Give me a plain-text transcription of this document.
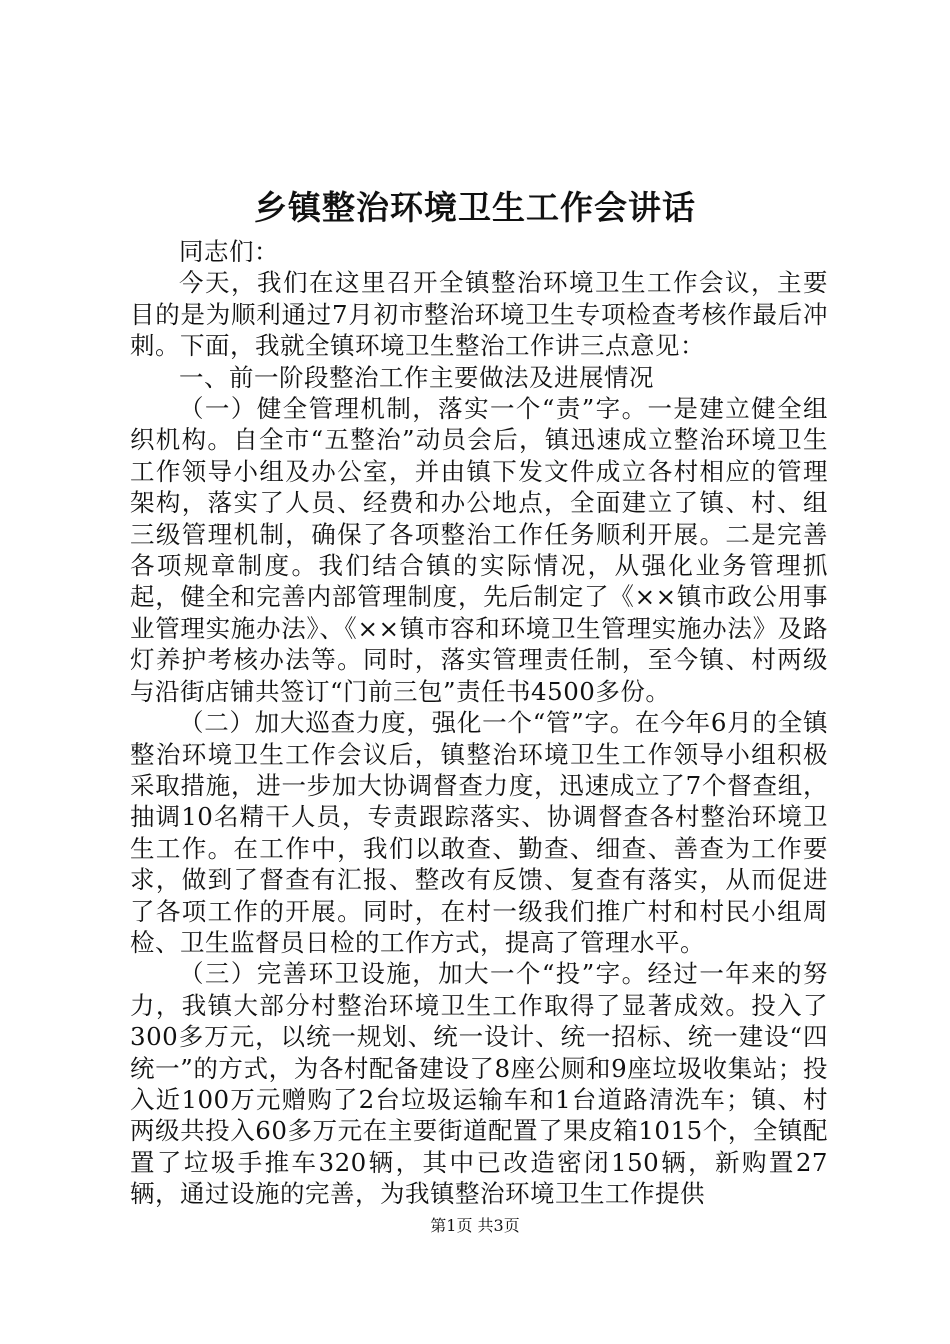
乡镇整治环境卫生工作会讲话

同志们：

今天，我们在这里召开全镇整治环境卫生工作会议，主要目的是为顺利通过7月初市整治环境卫生专项检查考核作最后冲刺。下面，我就全镇环境卫生整治工作讲三点意见：

一、前一阶段整治工作主要做法及进展情况

（一）健全管理机制，落实一个“责”字。一是建立健全组织机构。自全市“五整治”动员会后，镇迅速成立整治环境卫生工作领导小组及办公室，并由镇下发文件成立各村相应的管理架构，落实了人员、经费和办公地点，全面建立了镇、村、组三级管理机制，确保了各项整治工作任务顺利开展。二是完善各项规章制度。我们结合镇的实际情况，从强化业务管理抓起，健全和完善内部管理制度，先后制定了《××镇市政公用事业管理实施办法》、《××镇市容和环境卫生管理实施办法》及路灯养护考核办法等。同时，落实管理责任制，至今镇、村两级与沿街店铺共签订“门前三包”责任书4500多份。

（二）加大巡查力度，强化一个“管”字。在今年6月的全镇整治环境卫生工作会议后，镇整治环境卫生工作领导小组积极采取措施，进一步加大协调督查力度，迅速成立了7个督查组，抽调10名精干人员，专责跟踪落实、协调督查各村整治环境卫生工作。在工作中，我们以敢查、勤查、细查、善查为工作要求，做到了督查有汇报、整改有反馈、复查有落实，从而促进了各项工作的开展。同时，在村一级我们推广村和村民小组周检、卫生监督员日检的工作方式，提高了管理水平。

（三）完善环卫设施，加大一个“投”字。经过一年来的努力，我镇大部分村整治环境卫生工作取得了显著成效。投入了300多万元，以统一规划、统一设计、统一招标、统一建设“四统一”的方式，为各村配备建设了8座公厕和9座垃圾收集站；投入近100万元赠购了2台垃圾运输车和1台道路清洗车；镇、村两级共投入60多万元在主要街道配置了果皮箱1015个，全镇配置了垃圾手推车320辆，其中已改造密闭150辆，新购置27辆，通过设施的完善，为我镇整治环境卫生工作提供

第1页 共3页
